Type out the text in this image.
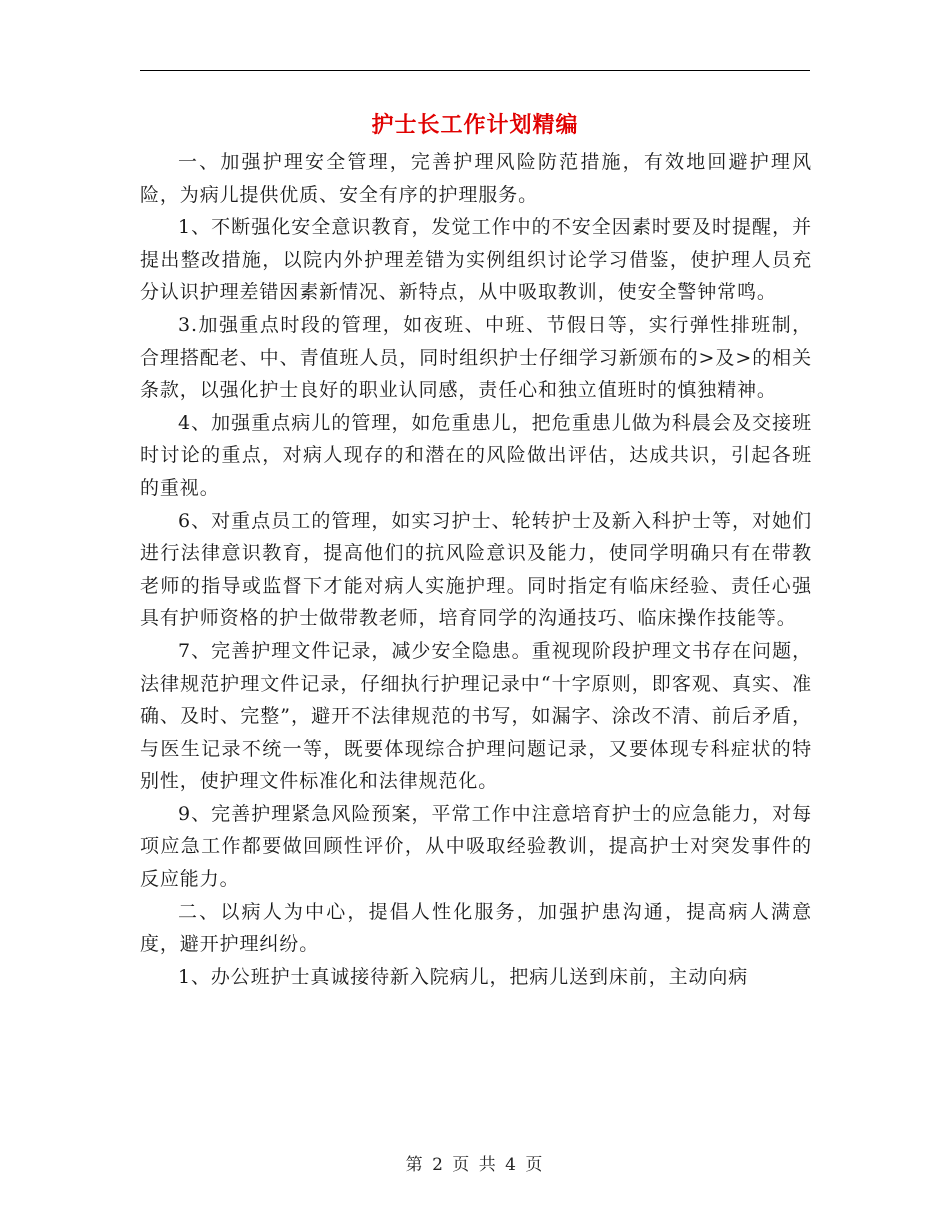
护士长工作计划精编

一、加强护理安全管理，完善护理风险防范措施，有效地回避护理风险，为病儿提供优质、安全有序的护理服务。

1、不断强化安全意识教育，发觉工作中的不安全因素时要及时提醒，并提出整改措施，以院内外护理差错为实例组织讨论学习借鉴，使护理人员充分认识护理差错因素新情况、新特点，从中吸取教训，使安全警钟常鸣。

3.加强重点时段的管理，如夜班、中班、节假日等，实行弹性排班制，合理搭配老、中、青值班人员，同时组织护士仔细学习新颁布的>及>的相关条款，以强化护士良好的职业认同感，责任心和独立值班时的慎独精神。

4、加强重点病儿的管理，如危重患儿，把危重患儿做为科晨会及交接班时讨论的重点，对病人现存的和潜在的风险做出评估，达成共识，引起各班的重视。

6、对重点员工的管理，如实习护士、轮转护士及新入科护士等，对她们进行法律意识教育，提高他们的抗风险意识及能力，使同学明确只有在带教老师的指导或监督下才能对病人实施护理。同时指定有临床经验、责任心强具有护师资格的护士做带教老师，培育同学的沟通技巧、临床操作技能等。

7、完善护理文件记录，减少安全隐患。重视现阶段护理文书存在问题，法律规范护理文件记录，仔细执行护理记录中“十字原则，即客观、真实、准确、及时、完整”，避开不法律规范的书写，如漏字、涂改不清、前后矛盾，与医生记录不统一等，既要体现综合护理问题记录，又要体现专科症状的特别性，使护理文件标准化和法律规范化。

9、完善护理紧急风险预案，平常工作中注意培育护士的应急能力，对每项应急工作都要做回顾性评价，从中吸取经验教训，提高护士对突发事件的反应能力。

二、以病人为中心，提倡人性化服务，加强护患沟通，提高病人满意度，避开护理纠纷。

1、办公班护士真诚接待新入院病儿，把病儿送到床前，主动向病

第 2 页 共 4 页
